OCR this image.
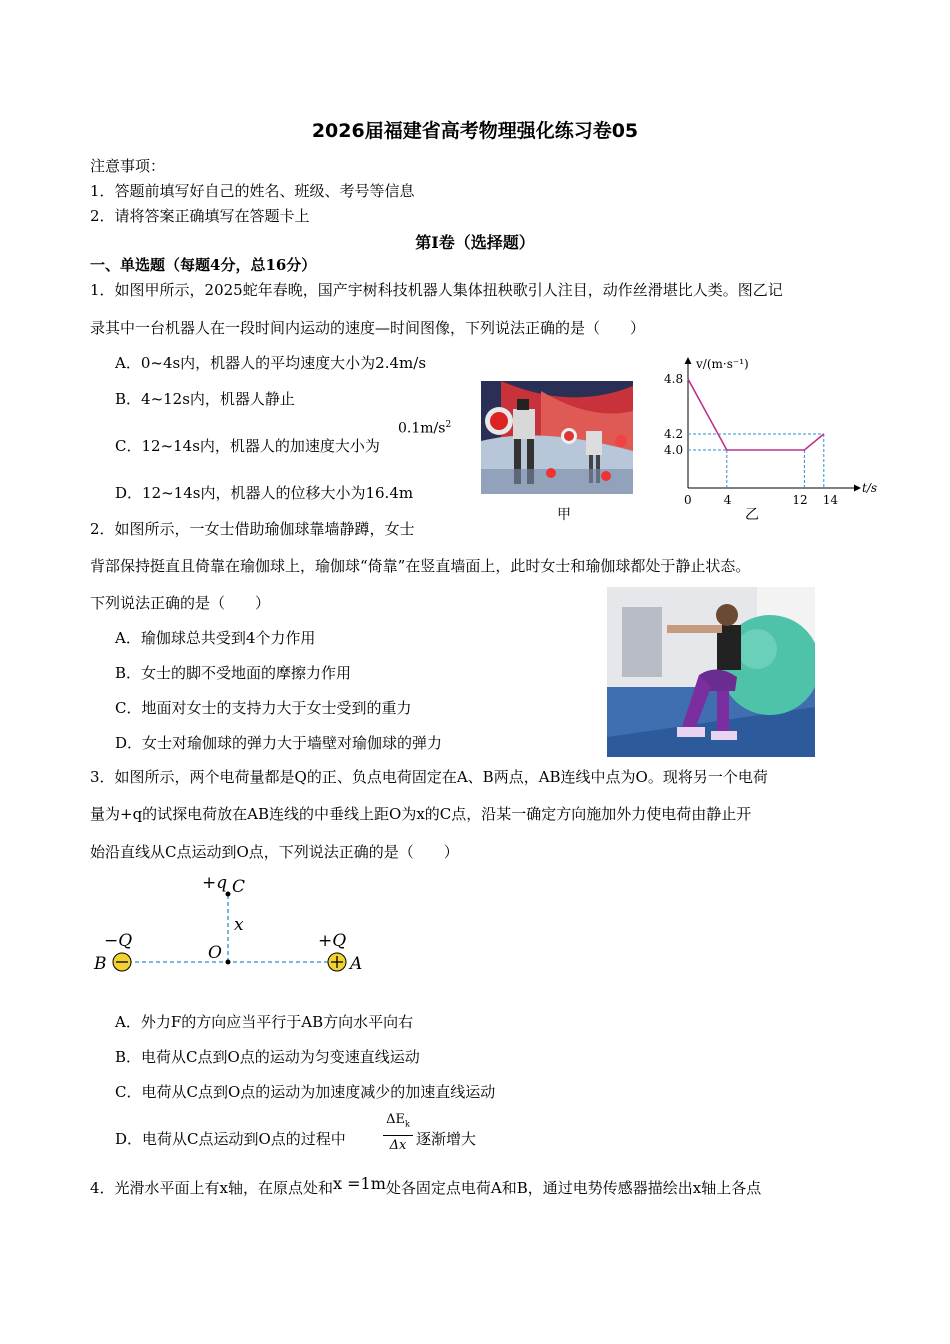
2026届福建省高考物理强化练习卷05
注意事项：
1．答题前填写好自己的姓名、班级、考号等信息
2．请将答案正确填写在答题卡上
第I卷（选择题）
一、单选题（每题4分，总16分）
1．如图甲所示，2025蛇年春晚，国产宇树科技机器人集体扭秧歌引人注目，动作丝滑堪比人类。图乙记
录其中一台机器人在一段时间内运动的速度—时间图像，下列说法正确的是（　　）
A．0~4s内，机器人的平均速度大小为2.4m/s
B．4~12s内，机器人静止
C．12~14s内，机器人的加速度大小为
$0.1m/s^2$
D．12~14s内，机器人的位移大小为16.4m
甲
v/(m·s⁻¹)
t/s
4.8
4.2
4.0
0	4	12 14
乙
2．如图所示，一女士借助瑜伽球靠墙静蹲，女士
背部保持挺直且倚靠在瑜伽球上，瑜伽球“倚靠”在竖直墙面上，此时女士和瑜伽球都处于静止状态。
下列说法正确的是（　　）
A．瑜伽球总共受到4个力作用
B．女士的脚不受地面的摩擦力作用
C．地面对女士的支持力大于女士受到的重力
D．女士对瑜伽球的弹力大于墙壁对瑜伽球的弹力
3．如图所示，两个电荷量都是Q的正、负点电荷固定在A、B两点，AB连线中点为O。现将另一个电荷
量为+q的试探电荷放在AB连线的中垂线上距O为x的C点，沿某一确定方向施加外力使电荷由静止开
始沿直线从C点运动到O点，下列说法正确的是（　　）
+q C
x
−Q	+Q
B
O
A
A．外力F的方向应当平行于AB方向水平向右
B．电荷从C点到O点的运动为匀变速直线运动
C．电荷从C点到O点的运动为加速度减少的加速直线运动
D．电荷从C点运动到O点的过程中
$\Delta E_k$
Δx 逐渐增大
4．光滑水平面上有x轴，在原点处和x =1m处各固定点电荷A和B，通过电势传感器描绘出x轴上各点
